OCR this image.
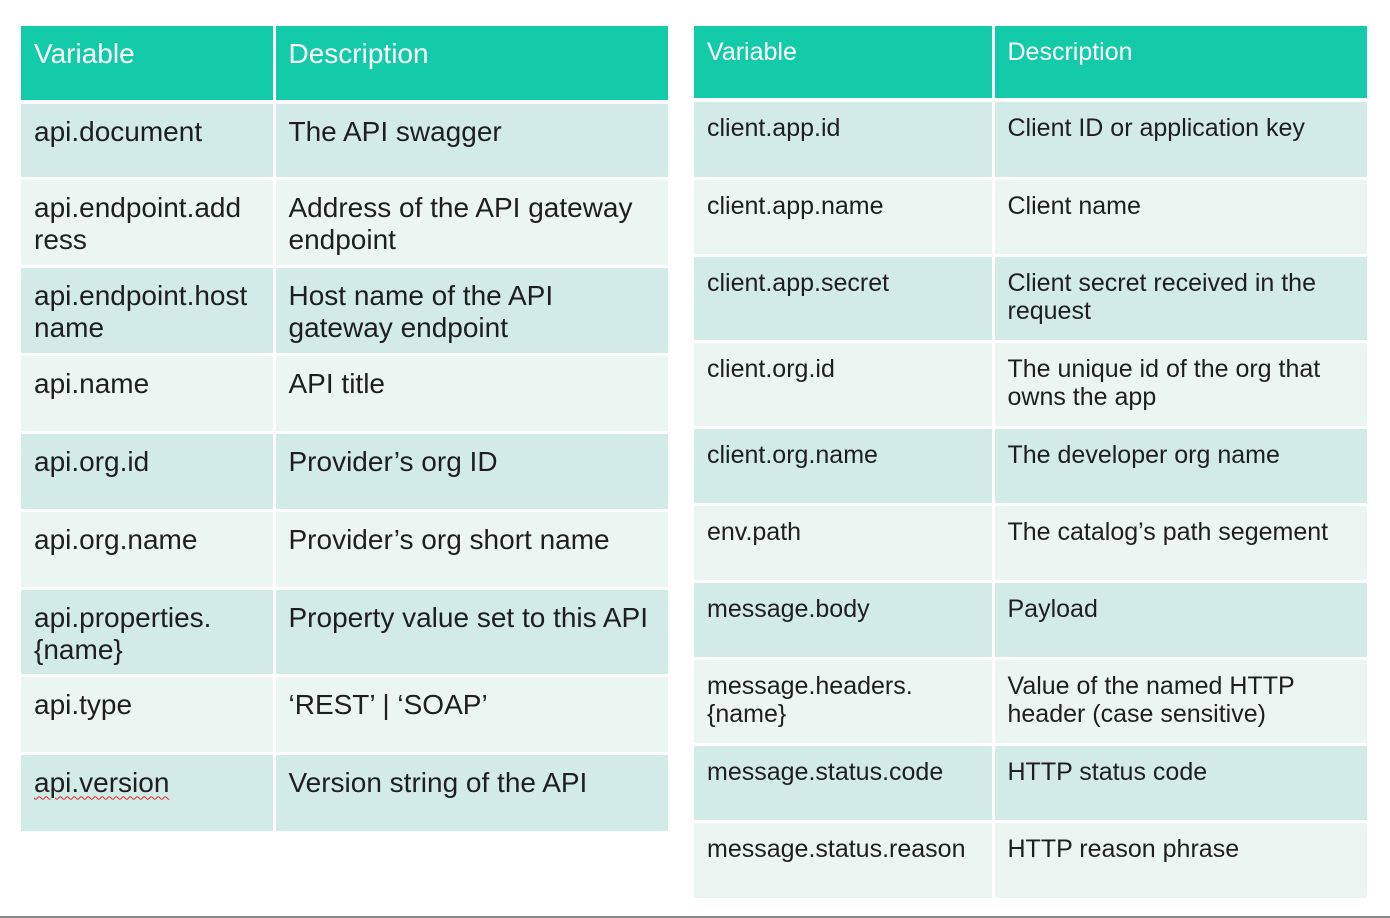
Variable	Description

api.document	The API swagger

api.endpoint.add ress	Address of the API gateway endpoint

api.endpoint.host name	Host name of the API gateway endpoint

api.name	API title

api.org.id	Provider’s org ID

api.org.name	Provider’s org short name

api.properties. {name}	Property value set to this API

api.type	‘REST’ | ‘SOAP’

api.version	Version string of the API
Variable	Description

client.app.id	Client ID or application key

client.app.name	Client name

client.app.secret	Client secret received in the request

client.org.id	The unique id of the org that owns the app

client.org.name	The developer org name

env.path	The catalog’s path segement

message.body	Payload

message.headers. {name}	Value of the named HTTP header (case sensitive)

message.status.code	HTTP status code

message.status.reason	HTTP reason phrase
